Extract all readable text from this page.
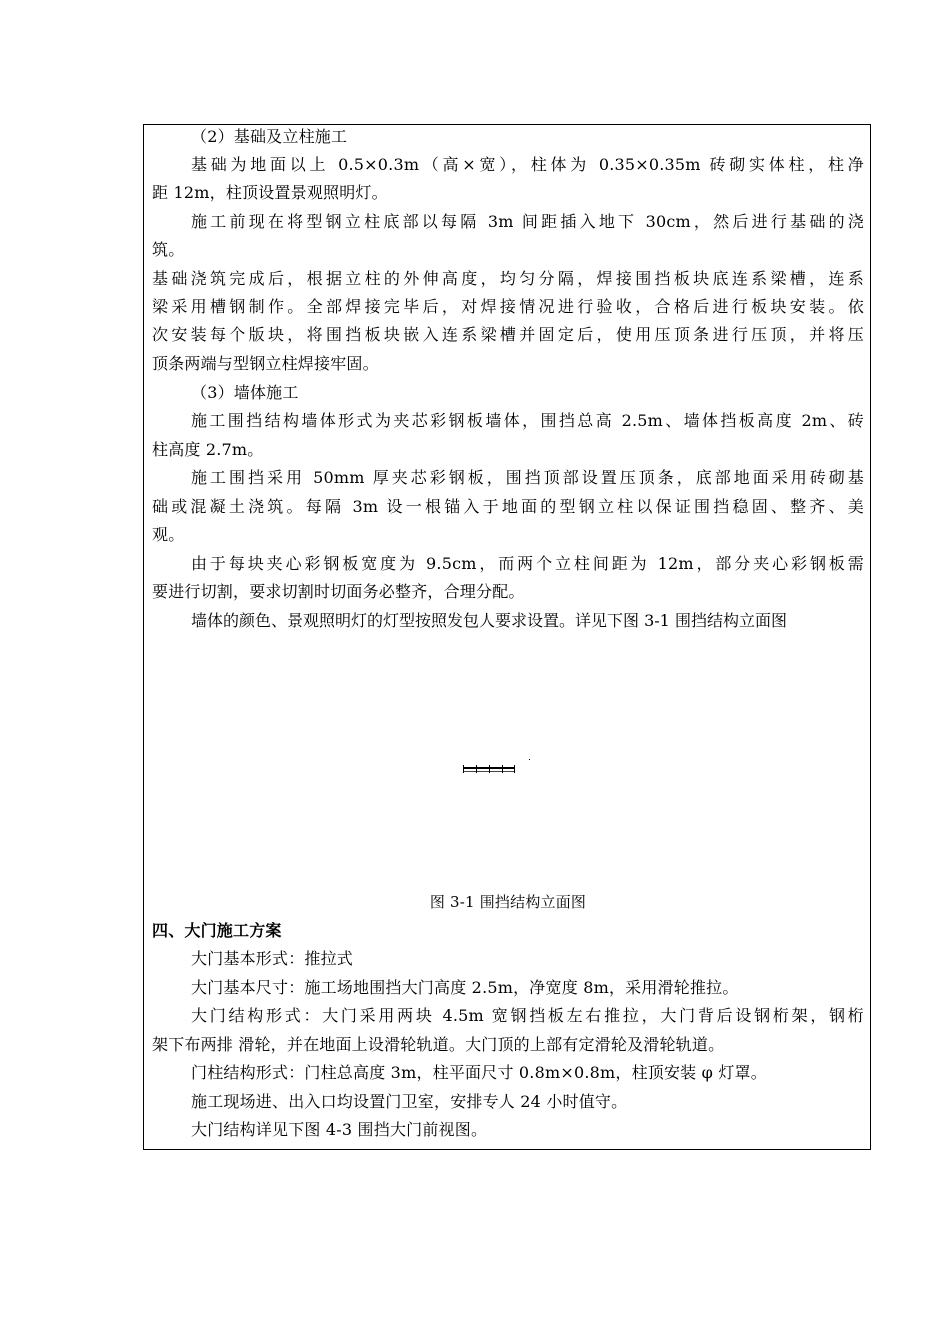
（2）基础及立柱施工
基础为地面以上 0.5×0.3m（高×宽），柱体为 0.35×0.35m 砖砌实体柱，柱净
距 12m，柱顶设置景观照明灯。
施工前现在将型钢立柱底部以每隔 3m 间距插入地下 30cm，然后进行基础的浇
筑。
基础浇筑完成后，根据立柱的外伸高度，均匀分隔，焊接围挡板块底连系梁槽，连系
梁采用槽钢制作。全部焊接完毕后，对焊接情况进行验收，合格后进行板块安装。依
次安装每个版块，将围挡板块嵌入连系梁槽并固定后，使用压顶条进行压顶，并将压
顶条两端与型钢立柱焊接牢固。
（3）墙体施工
施工围挡结构墙体形式为夹芯彩钢板墙体，围挡总高 2.5m、墙体挡板高度 2m、砖
柱高度 2.7m。
施工围挡采用 50mm 厚夹芯彩钢板，围挡顶部设置压顶条，底部地面采用砖砌基
础或混凝土浇筑。每隔 3m 设一根锚入于地面的型钢立柱以保证围挡稳固、整齐、美
观。
由于每块夹心彩钢板宽度为 9.5cm，而两个立柱间距为 12m，部分夹心彩钢板需
要进行切割，要求切割时切面务必整齐，合理分配。
墙体的颜色、景观照明灯的灯型按照发包人要求设置。详见下图 3-1 围挡结构立面图
图 3-1 围挡结构立面图
四、大门施工方案
大门基本形式：推拉式
大门基本尺寸：施工场地围挡大门高度 2.5m，净宽度 8m，采用滑轮推拉。
大门结构形式：大门采用两块 4.5m 宽钢挡板左右推拉，大门背后设钢桁架，钢桁
架下布两排 滑轮，并在地面上设滑轮轨道。大门顶的上部有定滑轮及滑轮轨道。
门柱结构形式：门柱总高度 3m，柱平面尺寸 0.8m×0.8m，柱顶安装 φ 灯罩。
施工现场进、出入口均设置门卫室，安排专人 24 小时值守。
大门结构详见下图 4-3 围挡大门前视图。
